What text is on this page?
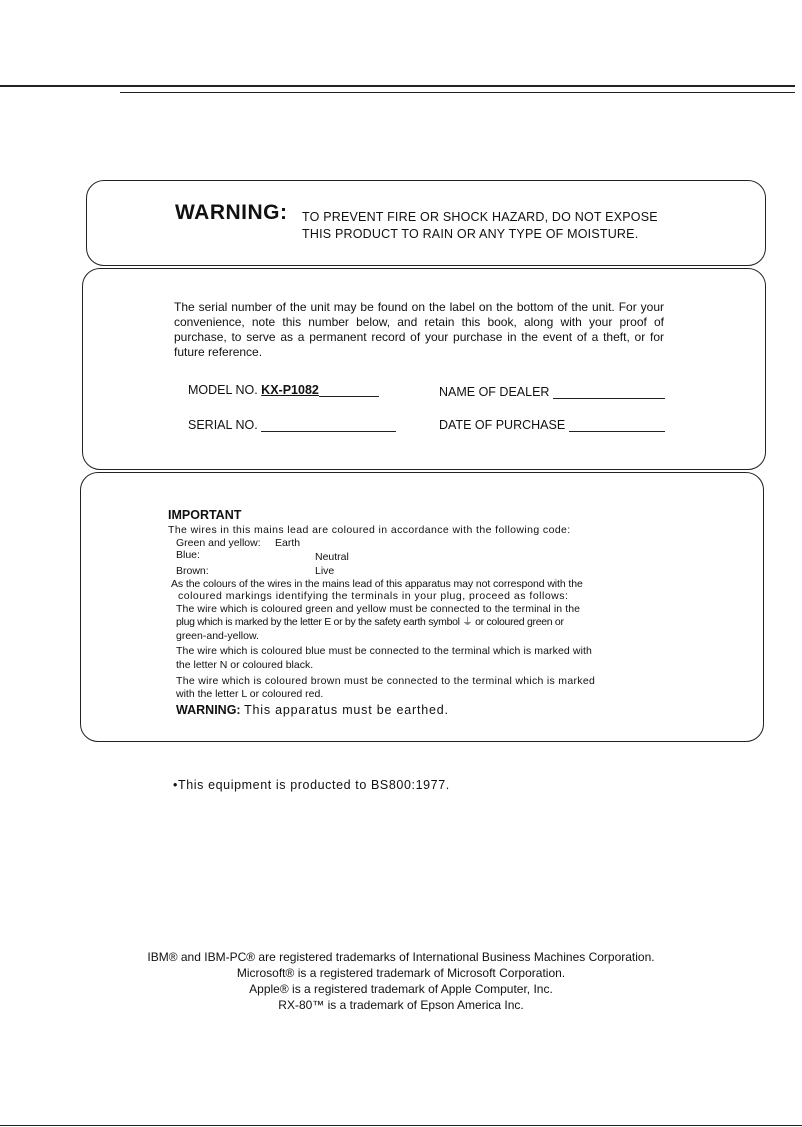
WARNING: TO PREVENT FIRE OR SHOCK HAZARD, DO NOT EXPOSE
THIS PRODUCT TO RAIN OR ANY TYPE OF MOISTURE.
The serial number of the unit may be found on the label on the bottom of the unit. For your convenience, note this number below, and retain this book, along with your proof of purchase, to serve as a permanent record of your purchase in the event of a theft, or for future reference.
MODEL NO. KX-P1082	NAME OF DEALER
SERIAL NO.	DATE OF PURCHASE
IMPORTANT
The wires in this mains lead are coloured in accordance with the following code:
Green and yellow: Earth
Blue:	Neutral
Brown:	Live
As the colours of the wires in the mains lead of this apparatus may not correspond with the
coloured markings identifying the terminals in your plug, proceed as follows:
The wire which is coloured green and yellow must be connected to the terminal in the
plug which is marked by the letter E or by the safety earth symbol ⏚ or coloured green or
green-and-yellow.
The wire which is coloured blue must be connected to the terminal which is marked with
the letter N or coloured black.
The wire which is coloured brown must be connected to the terminal which is marked
with the letter L or coloured red.
WARNING: This apparatus must be earthed.
•This equipment is producted to BS800:1977.
IBM® and IBM-PC® are registered trademarks of International Business Machines Corporation.
Microsoft® is a registered trademark of Microsoft Corporation.
Apple® is a registered trademark of Apple Computer, Inc.
RX-80™ is a trademark of Epson America Inc.
